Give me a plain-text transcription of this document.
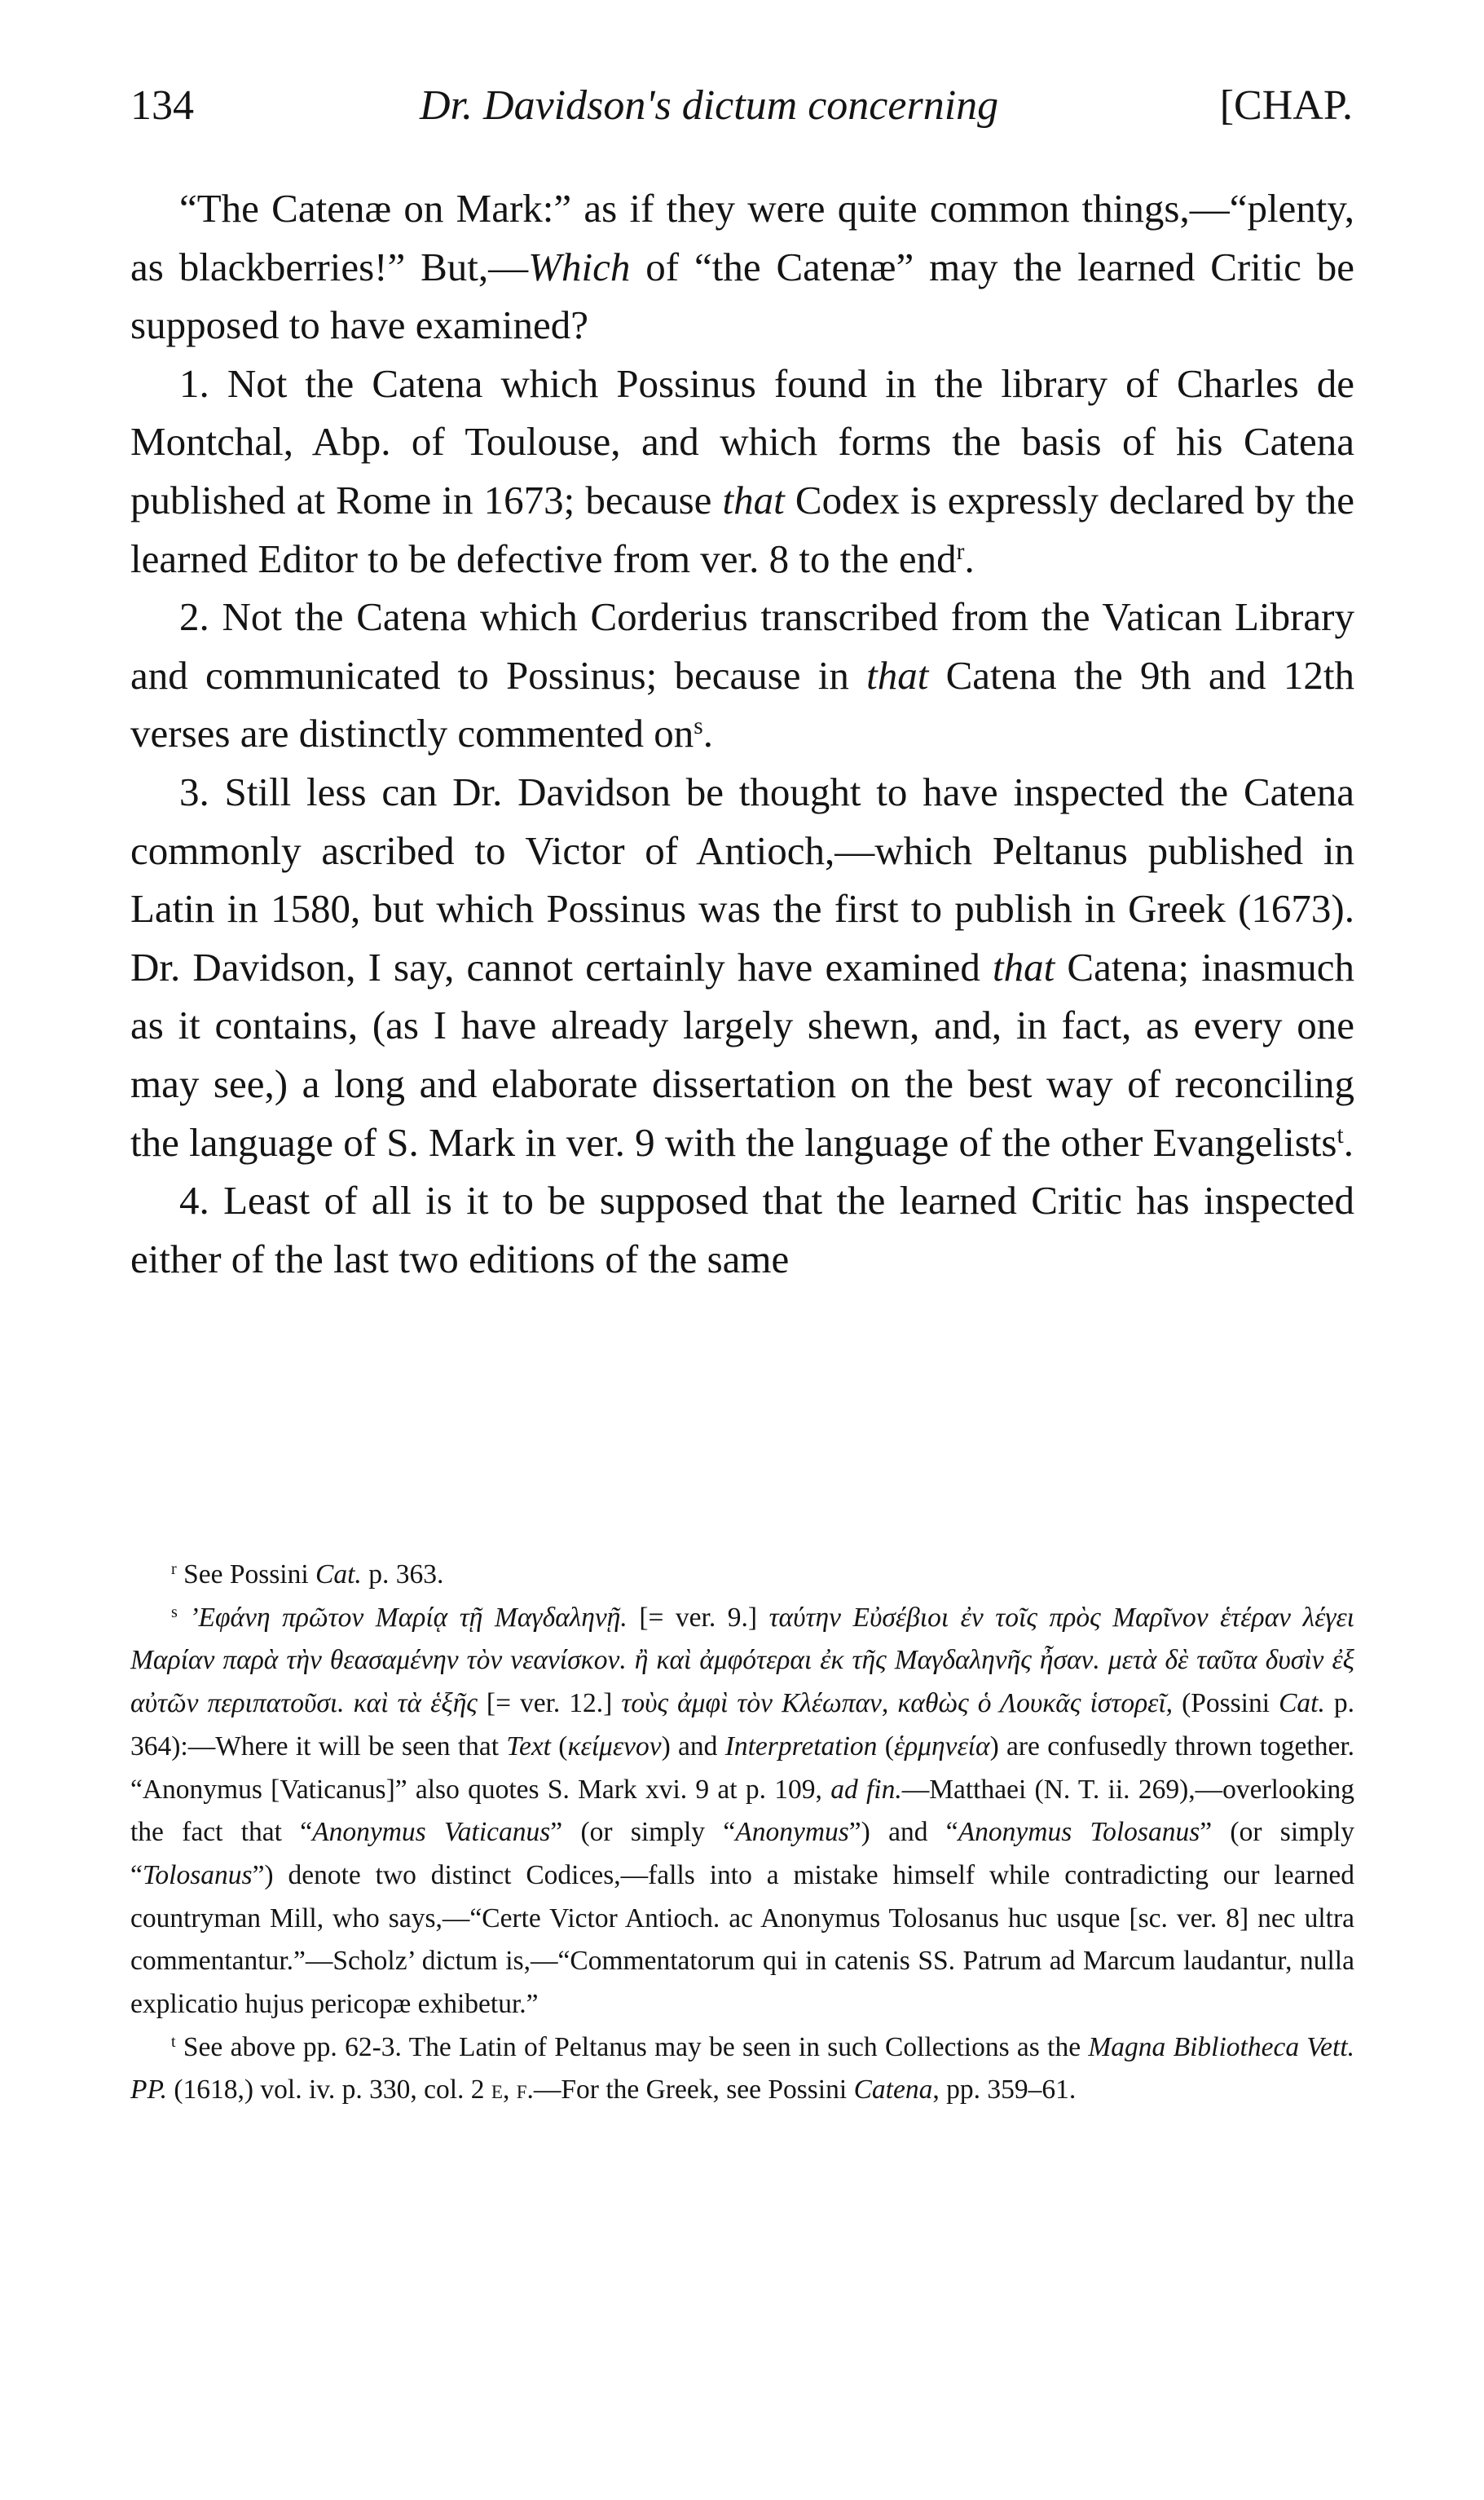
134	Dr. Davidson's dictum concerning	[CHAP.

“The Catenæ on Mark:” as if they were quite common things,—“plenty, as blackberries!” But,—Which of “the Catenæ” may the learned Critic be supposed to have examined?

1. Not the Catena which Possinus found in the library of Charles de Montchal, Abp. of Toulouse, and which forms the basis of his Catena published at Rome in 1673; because that Codex is expressly declared by the learned Editor to be defective from ver. 8 to the end$^r$.

2. Not the Catena which Corderius transcribed from the Vatican Library and communicated to Possinus; because in that Catena the 9th and 12th verses are distinctly commented $on^s$.

3. Still less can Dr. Davidson be thought to have inspected the Catena commonly ascribed to Victor of Antioch,—which Peltanus published in Latin in 1580, but which Possinus was the first to publish in Greek (1673). Dr. Davidson, I say, cannot certainly have examined that Catena; inasmuch as it contains, (as I have already largely shewn, and, in fact, as every one may see,) a long and elaborate dissertation on the best way of reconciling the language of S. Mark in ver. 9 with the language of the other Evangelists$^t$.

4. Least of all is it to be supposed that the learned Critic has inspected either of the last two editions of the same

$^r$ See Possini Cat. p. 363.

$^s$ ’Εφάνη πρῶτον Μαρίᾳ τῇ Μαγδαληνῇ. [= ver. 9.] ταύτην Εὐσέβιοι ἐν τοῖς πρὸς Μαρῖνον ἑτέραν λέγει Μαρίαν παρὰ τὴν θεασαμένην τὸν νεανίσκον. ἢ καὶ ἀμφότεραι ἐκ τῆς Μαγδαληνῆς ἦσαν. μετὰ δὲ ταῦτα δυσὶν ἐξ αὐτῶν περιπατοῦσι. καὶ τὰ ἑξῆς [= ver. 12.] τοὺς ἀμφὶ τὸν Κλέωπαν, καθὼς ὁ Λουκᾶς ἱστορεῖ, (Possini Cat. p. 364):—Where it will be seen that Text (κείμενον) and Interpretation (ἑρμηνεία) are confusedly thrown together. “Anonymus [Vaticanus]” also quotes S. Mark xvi. 9 at p. 109, ad fin.—Matthaei (N. T. ii. 269),—overlooking the fact that “Anonymus Vaticanus” (or simply “Anonymus”) and “Anonymus Tolosanus” (or simply “Tolosanus”) denote two distinct Codices,—falls into a mistake himself while contradicting our learned countryman Mill, who says,—“Certe Victor Antioch. ac Anonymus Tolosanus huc usque [sc. ver. 8] nec ultra commentantur.”—Scholz’ dictum is,—“Commentatorum qui in catenis SS. Patrum ad Marcum laudantur, nulla explicatio hujus pericopæ exhibetur.”

$^t$ See above pp. 62-3. The Latin of Peltanus may be seen in such Collections as the Magna Bibliotheca Vett. PP. (1618,) vol. iv. p. 330, col. 2 e, f.—For the Greek, see Possini Catena, pp. 359–61.
